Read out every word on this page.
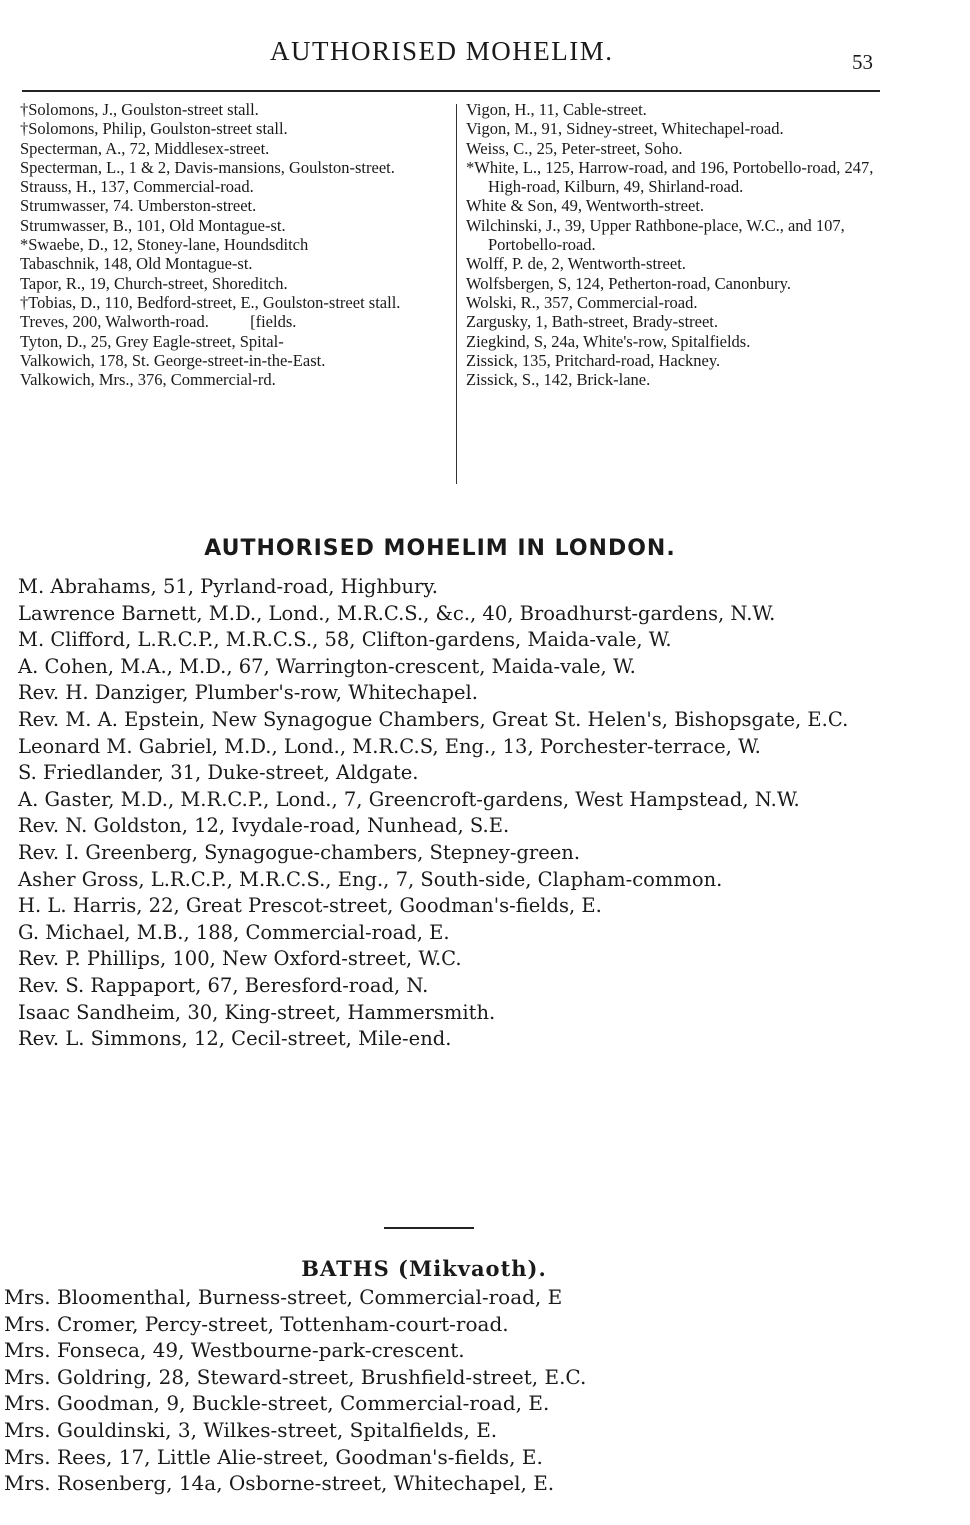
AUTHORISED MOHELIM.	53

†Solomons, J., Goulston-street stall.

†Solomons, Philip, Goulston-street stall.

Specterman, A., 72, Middlesex-street.

Specterman, L., 1 & 2, Davis-mansions, Goulston-street.

Strauss, H., 137, Commercial-road.

Strumwasser, 74. Umberston-street.

Strumwasser, B., 101, Old Montague-st.

*Swaebe, D., 12, Stoney-lane, Houndsditch

Tabaschnik, 148, Old Montague-st.

Tapor, R., 19, Church-street, Shoreditch.

†Tobias, D., 110, Bedford-street, E., Goulston-street stall.

Treves, 200, Walworth-road.          [fields.

Tyton, D., 25, Grey Eagle-street, Spital-

Valkowich, 178, St. George-street-in-the-East.

Valkowich, Mrs., 376, Commercial-rd.

Vigon, H., 11, Cable-street.

Vigon, M., 91, Sidney-street, Whitechapel-road.

Weiss, C., 25, Peter-street, Soho.

*White, L., 125, Harrow-road, and 196, Portobello-road, 247, High-road, Kilburn, 49, Shirland-road.

White & Son, 49, Wentworth-street.

Wilchinski, J., 39, Upper Rathbone-place, W.C., and 107, Portobello-road.

Wolff, P. de, 2, Wentworth-street.

Wolfsbergen, S, 124, Petherton-road, Canonbury.

Wolski, R., 357, Commercial-road.

Zargusky, 1, Bath-street, Brady-street.

Ziegkind, S, 24a, White's-row, Spitalfields.

Zissick, 135, Pritchard-road, Hackney.

Zissick, S., 142, Brick-lane.

AUTHORISED MOHELIM IN LONDON.

M. Abrahams, 51, Pyrland-road, Highbury.

Lawrence Barnett, M.D., Lond., M.R.C.S., &c., 40, Broadhurst-gardens, N.W.

M. Clifford, L.R.C.P., M.R.C.S., 58, Clifton-gardens, Maida-vale, W.

A. Cohen, M.A., M.D., 67, Warrington-crescent, Maida-vale, W.

Rev. H. Danziger, Plumber's-row, Whitechapel.

Rev. M. A. Epstein, New Synagogue Chambers, Great St. Helen's, Bishopsgate, E.C.

Leonard M. Gabriel, M.D., Lond., M.R.C.S, Eng., 13, Porchester-terrace, W.

S. Friedlander, 31, Duke-street, Aldgate.

A. Gaster, M.D., M.R.C.P., Lond., 7, Greencroft-gardens, West Hampstead, N.W.

Rev. N. Goldston, 12, Ivydale-road, Nunhead, S.E.

Rev. I. Greenberg, Synagogue-chambers, Stepney-green.

Asher Gross, L.R.C.P., M.R.C.S., Eng., 7, South-side, Clapham-common.

H. L. Harris, 22, Great Prescot-street, Goodman's-fields, E.

G. Michael, M.B., 188, Commercial-road, E.

Rev. P. Phillips, 100, New Oxford-street, W.C.

Rev. S. Rappaport, 67, Beresford-road, N.

Isaac Sandheim, 30, King-street, Hammersmith.

Rev. L. Simmons, 12, Cecil-street, Mile-end.

BATHS (Mikvaoth).

Mrs. Bloomenthal, Burness-street, Commercial-road, E

Mrs. Cromer, Percy-street, Tottenham-court-road.

Mrs. Fonseca, 49, Westbourne-park-crescent.

Mrs. Goldring, 28, Steward-street, Brushfield-street, E.C.

Mrs. Goodman, 9, Buckle-street, Commercial-road, E.

Mrs. Gouldinski, 3, Wilkes-street, Spitalfields, E.

Mrs. Rees, 17, Little Alie-street, Goodman's-fields, E.

Mrs. Rosenberg, 14a, Osborne-street, Whitechapel, E.
